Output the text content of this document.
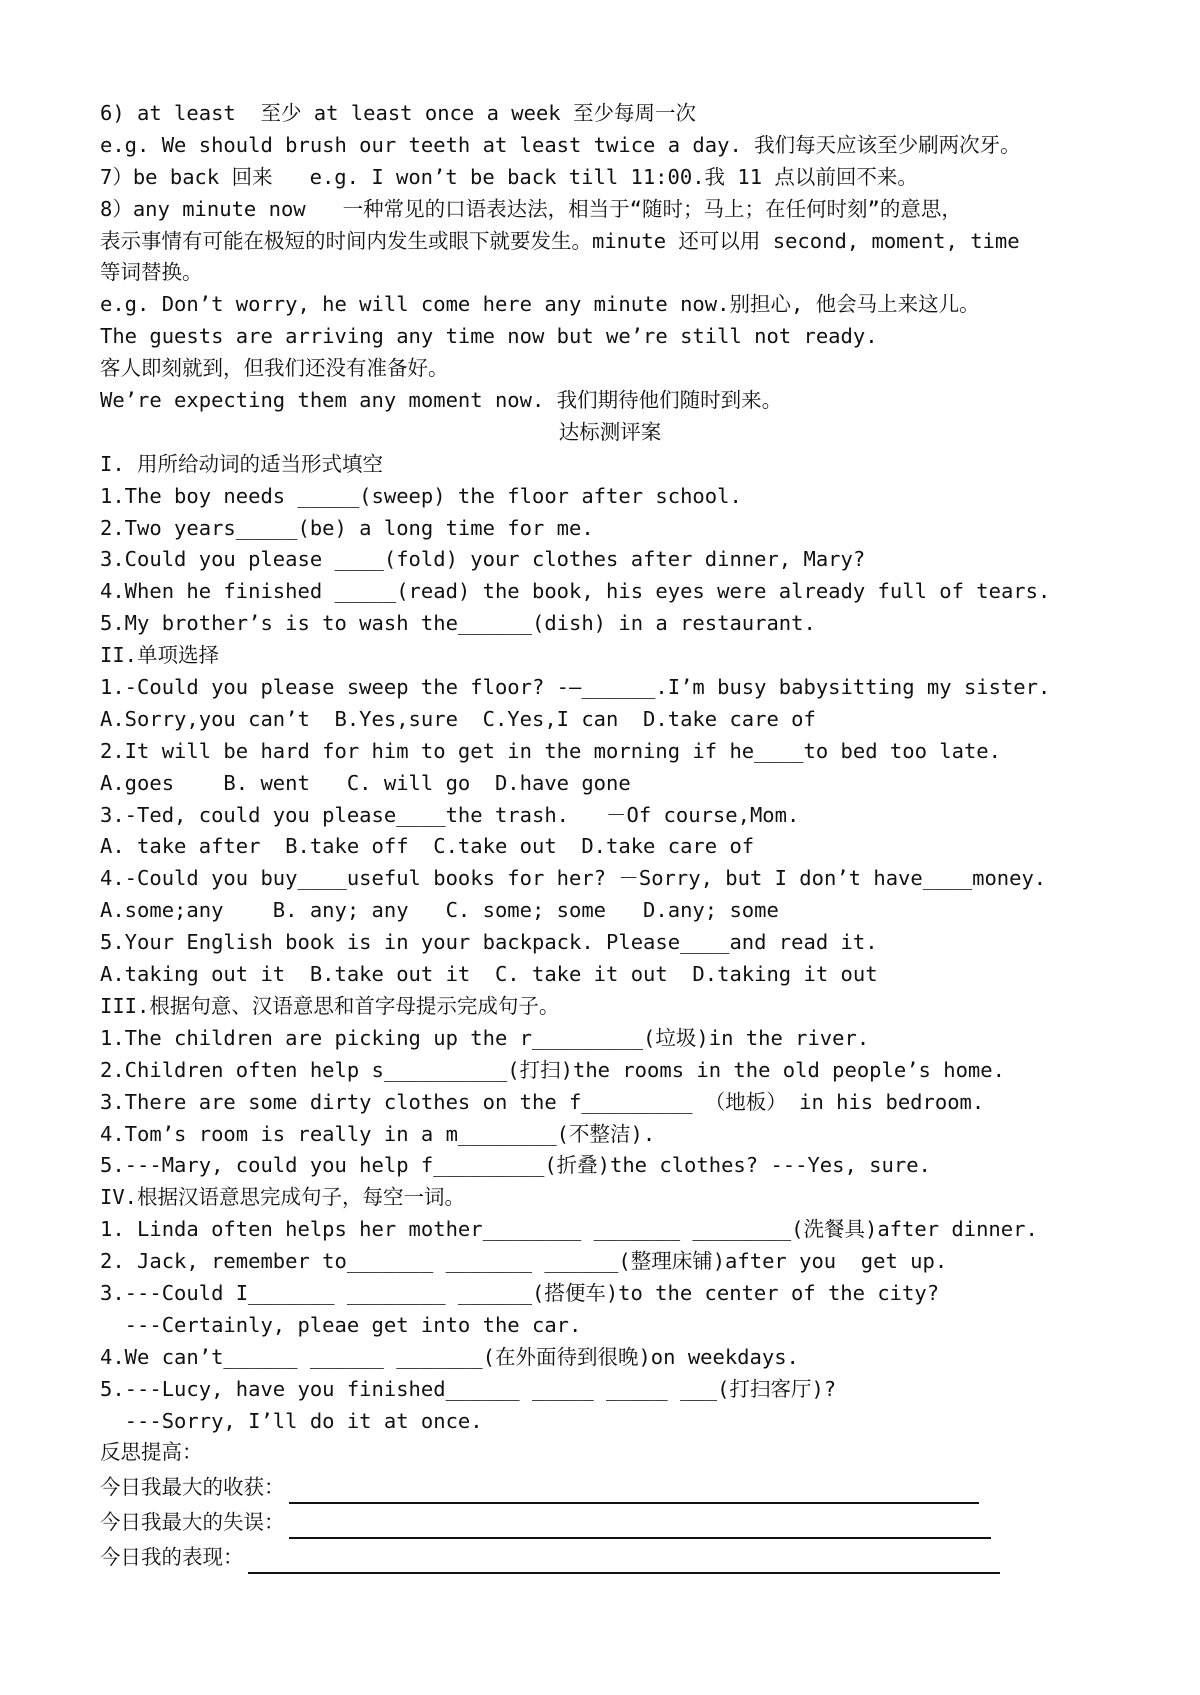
6) at least  至少 at least once a week 至少每周一次
e.g. We should brush our teeth at least twice a day. 我们每天应该至少刷两次牙。
7）be back 回来   e.g. I won’t be back till 11:00.我 11 点以前回不来。
8）any minute now   一种常见的口语表达法，相当于“随时；马上；在任何时刻”的意思，
表示事情有可能在极短的时间内发生或眼下就要发生。minute 还可以用 second, moment, time
等词替换。
e.g. Don’t worry, he will come here any minute now.别担心, 他会马上来这儿。
The guests are arriving any time now but we’re still not ready.
客人即刻就到，但我们还没有准备好。
We’re expecting them any moment now. 我们期待他们随时到来。
达标测评案
I. 用所给动词的适当形式填空
1.The boy needs _____(sweep) the floor after school.
2.Two years_____(be) a long time for me.
3.Could you please ____(fold) your clothes after dinner, Mary?
4.When he finished _____(read) the book, his eyes were already full of tears.
5.My brother’s is to wash the______(dish) in a restaurant.
II.单项选择
1.-Could you please sweep the floor? -—______.I’m busy babysitting my sister.
A.Sorry,you can’t  B.Yes,sure  C.Yes,I can  D.take care of
2.It will be hard for him to get in the morning if he____to bed too late.
A.goes    B. went   C. will go  D.have gone
3.-Ted, could you please____the trash.   －Of course,Mom.
A. take after  B.take off  C.take out  D.take care of
4.-Could you buy____useful books for her? －Sorry, but I don’t have____money.
A.some;any    B. any; any   C. some; some   D.any; some
5.Your English book is in your backpack. Please____and read it.
A.taking out it  B.take out it  C. take it out  D.taking it out
III.根据句意、汉语意思和首字母提示完成句子。
1.The children are picking up the r_________(垃圾)in the river.
2.Children often help s__________(打扫)the rooms in the old people’s home.
3.There are some dirty clothes on the f_________ （地板） in his bedroom.
4.Tom’s room is really in a m________(不整洁).
5.---Mary, could you help f_________(折叠)the clothes? ---Yes, sure.
IV.根据汉语意思完成句子，每空一词。
1. Linda often helps her mother________ _______ ________(洗餐具)after dinner.
2. Jack, remember to_______ _______ ______(整理床铺)after you  get up.
3.---Could I_______ ________ ______(搭便车)to the center of the city?
---Certainly, pleae get into the car.
4.We can’t______ ______ _______(在外面待到很晚)on weekdays.
5.---Lucy, have you finished______ _____ _____ ___(打扫客厅)?
---Sorry, I’ll do it at once.
反思提高：
今日我最大的收获：
今日我最大的失误：
今日我的表现：
